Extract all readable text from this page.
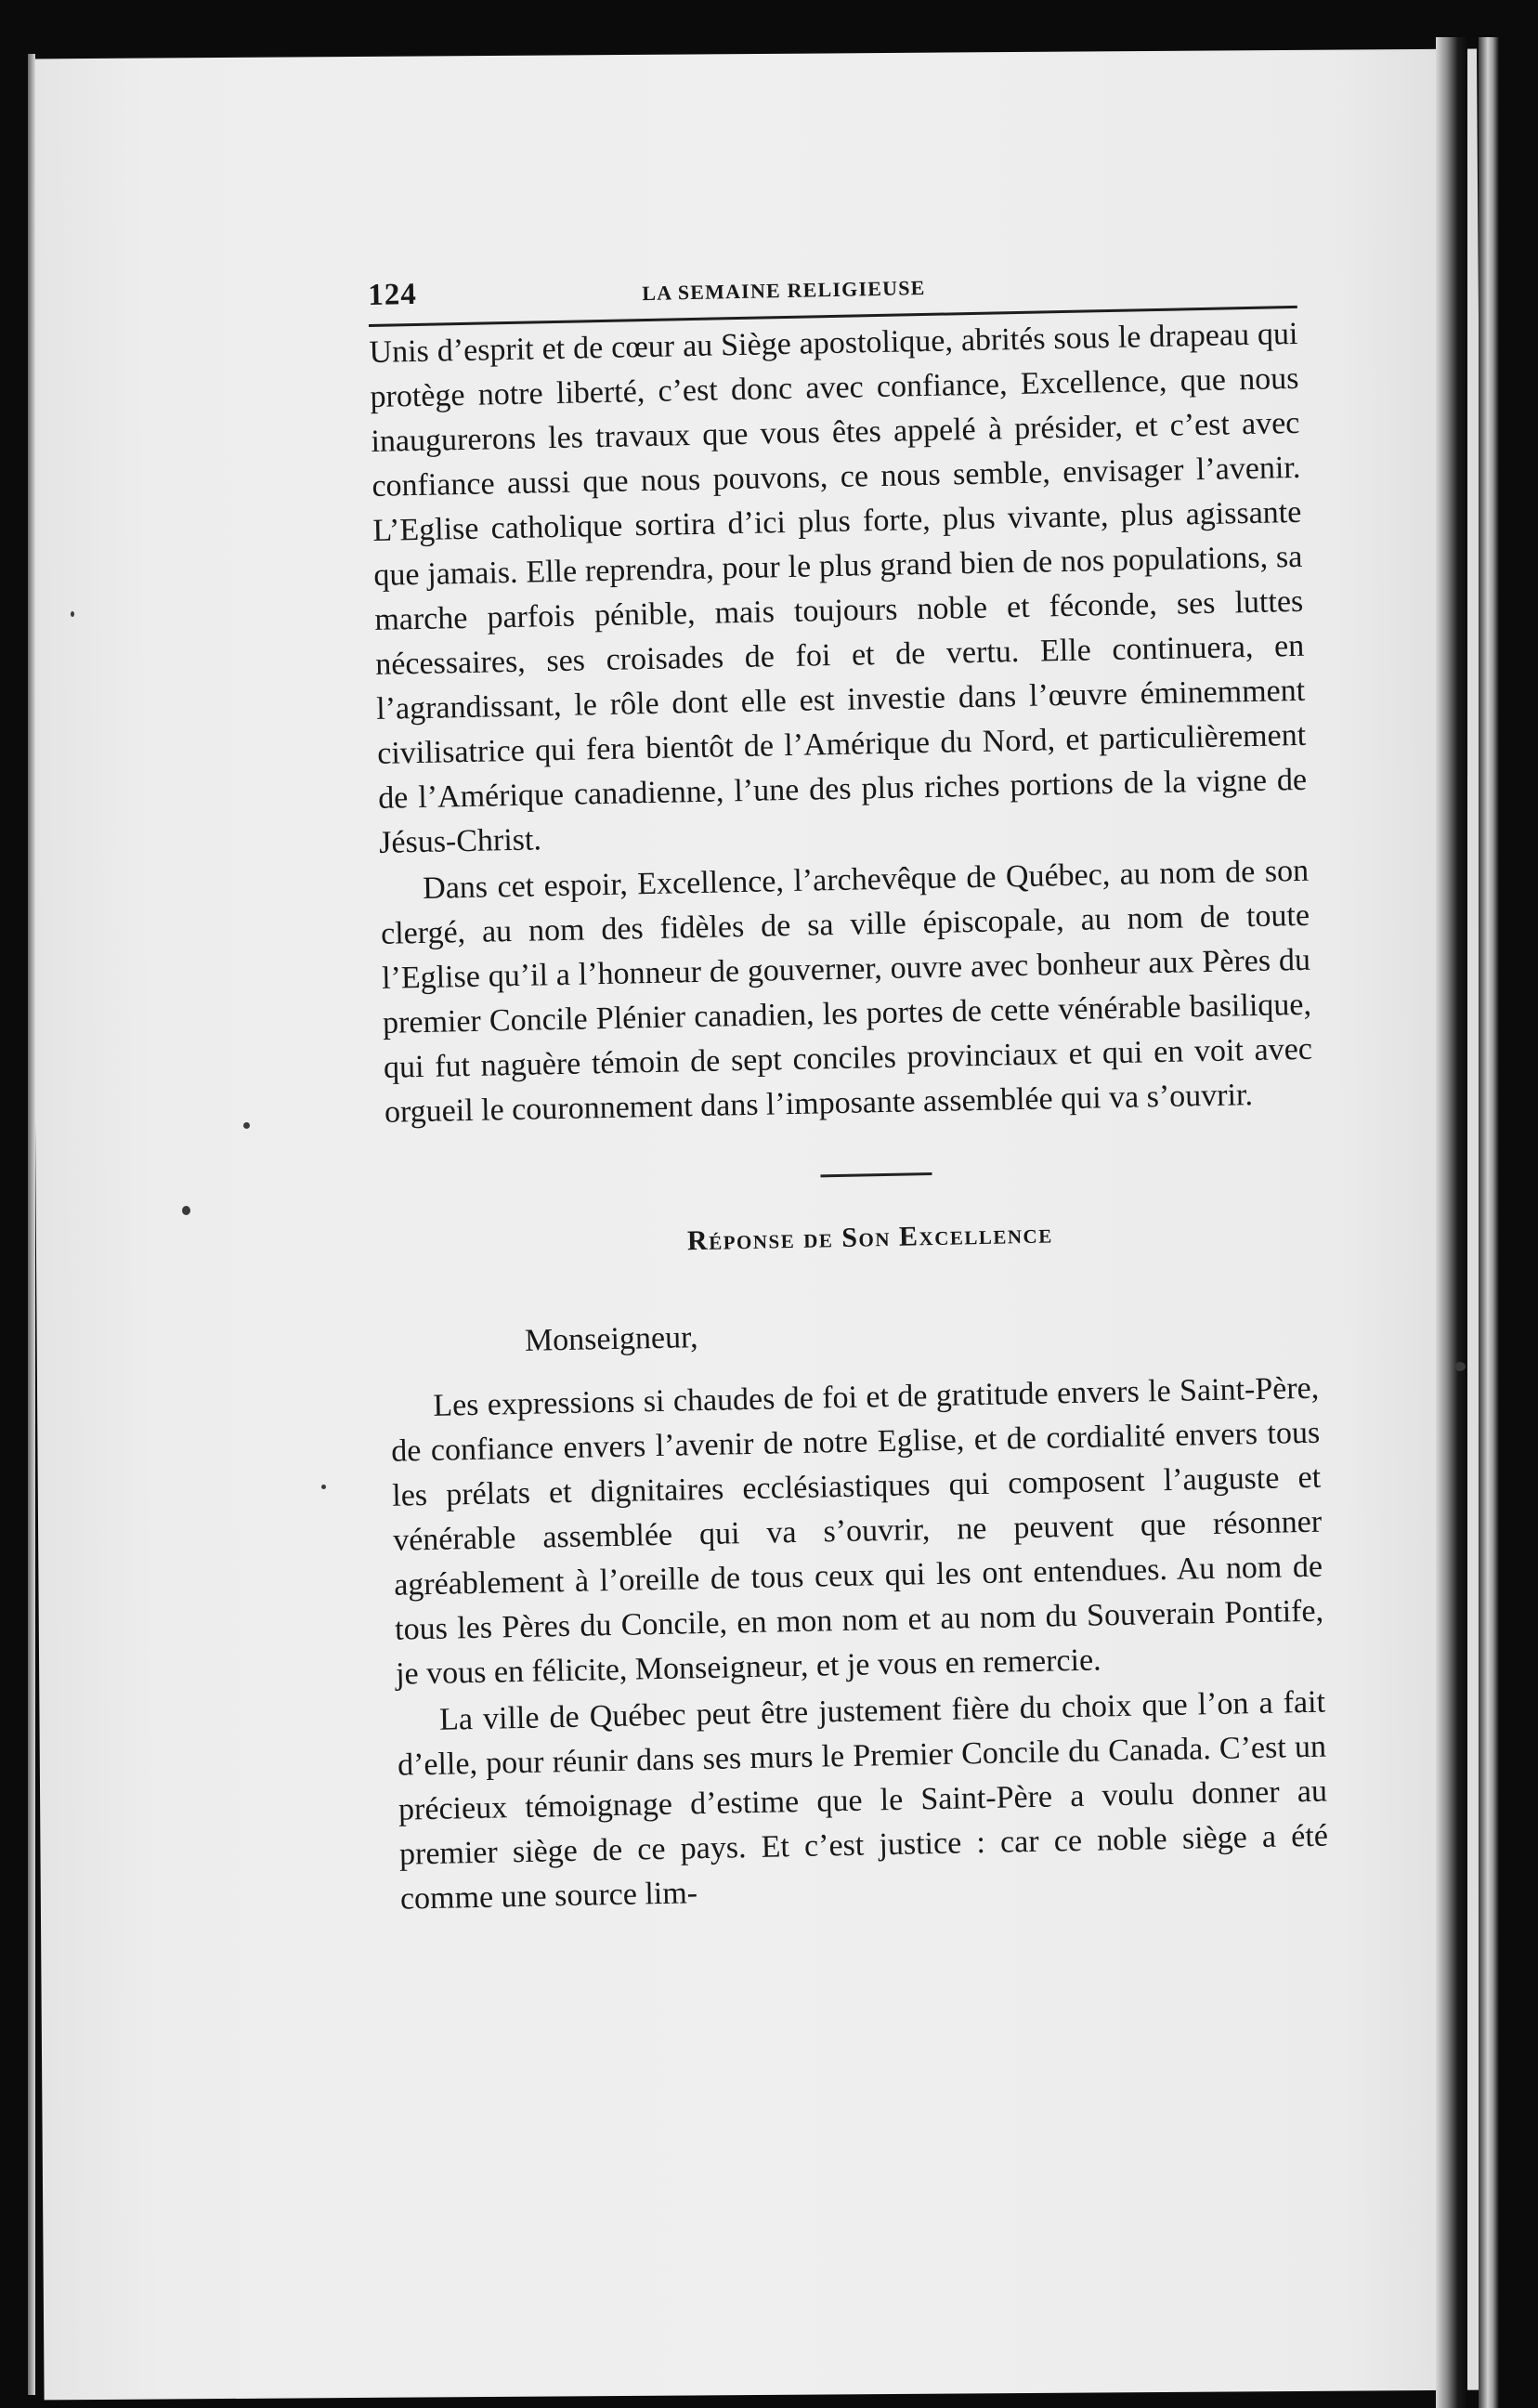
124	LA SEMAINE RELIGIEUSE

Unis d’esprit et de cœur au Siège apostolique, abrités sous le drapeau qui protège notre liberté, c’est donc avec confiance, Excellence, que nous inaugurerons les travaux que vous êtes appelé à présider, et c’est avec confiance aussi que nous pouvons, ce nous semble, envisager l’avenir. L’Eglise catholique sortira d’ici plus forte, plus vivante, plus agissante que jamais. Elle reprendra, pour le plus grand bien de nos populations, sa marche parfois pénible, mais toujours noble et féconde, ses luttes nécessaires, ses croisades de foi et de vertu. Elle continuera, en l’agrandissant, le rôle dont elle est investie dans l’œuvre éminemment civilisatrice qui fera bientôt de l’Amérique du Nord, et particulièrement de l’Amérique canadienne, l’une des plus riches portions de la vigne de Jésus-Christ.

Dans cet espoir, Excellence, l’archevêque de Québec, au nom de son clergé, au nom des fidèles de sa ville épiscopale, au nom de toute l’Eglise qu’il a l’honneur de gouverner, ouvre avec bonheur aux Pères du premier Concile Plénier canadien, les portes de cette vénérable basilique, qui fut naguère témoin de sept conciles provinciaux et qui en voit avec orgueil le couronnement dans l’imposante assemblée qui va s’ouvrir.

Réponse de Son Excellence
Monseigneur,

Les expressions si chaudes de foi et de gratitude envers le Saint-Père, de confiance envers l’avenir de notre Eglise, et de cordialité envers tous les prélats et dignitaires ecclésiastiques qui composent l’auguste et vénérable assemblée qui va s’ouvrir, ne peuvent que résonner agréablement à l’oreille de tous ceux qui les ont entendues. Au nom de tous les Pères du Concile, en mon nom et au nom du Souverain Pontife, je vous en félicite, Monseigneur, et je vous en remercie.

La ville de Québec peut être justement fière du choix que l’on a fait d’elle, pour réunir dans ses murs le Premier Concile du Canada. C’est un précieux témoignage d’estime que le Saint-Père a voulu donner au premier siège de ce pays. Et c’est justice : car ce noble siège a été comme une source lim-
